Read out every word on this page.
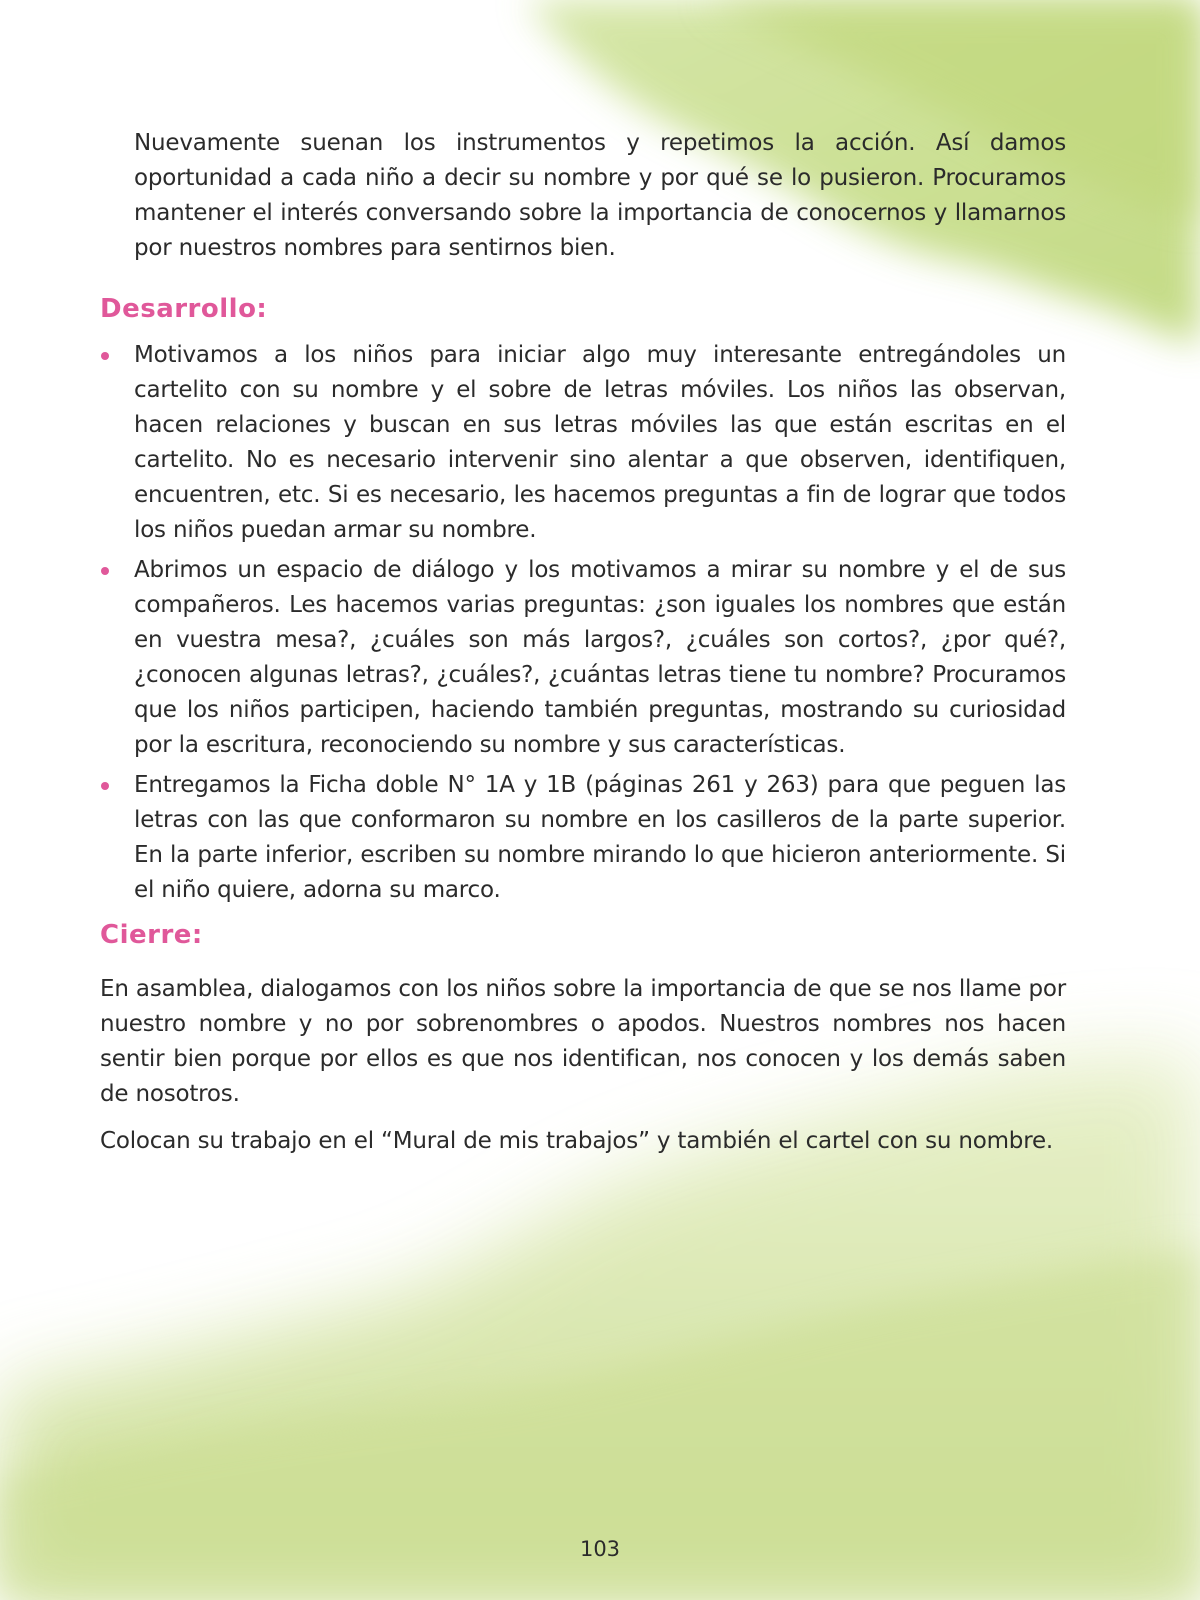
Nuevamente suenan los instrumentos y repetimos la acción. Así damos oportunidad a cada niño a decir su nombre y por qué se lo pusieron. Procuramos mantener el interés conversando sobre la importancia de conocernos y llamarnos por nuestros nombres para sentirnos bien.

Desarrollo:
Motivamos a los niños para iniciar algo muy interesante entregándoles un cartelito con su nombre y el sobre de letras móviles. Los niños las observan, hacen relaciones y buscan en sus letras móviles las que están escritas en el cartelito. No es necesario intervenir sino alentar a que observen, identifiquen, encuentren, etc. Si es necesario, les hacemos preguntas a fin de lograr que todos los niños puedan armar su nombre.
Abrimos un espacio de diálogo y los motivamos a mirar su nombre y el de sus compañeros. Les hacemos varias preguntas: ¿son iguales los nombres que están en vuestra mesa?, ¿cuáles son más largos?, ¿cuáles son cortos?, ¿por qué?, ¿conocen algunas letras?, ¿cuáles?, ¿cuántas letras tiene tu nombre? Procuramos que los niños participen, haciendo también preguntas, mostrando su curiosidad por la escritura, reconociendo su nombre y sus características.
Entregamos la Ficha doble N° 1A y 1B (páginas 261 y 263) para que peguen las letras con las que conformaron su nombre en los casilleros de la parte superior. En la parte inferior, escriben su nombre mirando lo que hicieron anteriormente. Si el niño quiere, adorna su marco.
Cierre:

En asamblea, dialogamos con los niños sobre la importancia de que se nos llame por nuestro nombre y no por sobrenombres o apodos. Nuestros nombres nos hacen sentir bien porque por ellos es que nos identifican, nos conocen y los demás saben de nosotros.

Colocan su trabajo en el “Mural de mis trabajos” y también el cartel con su nombre.

103
